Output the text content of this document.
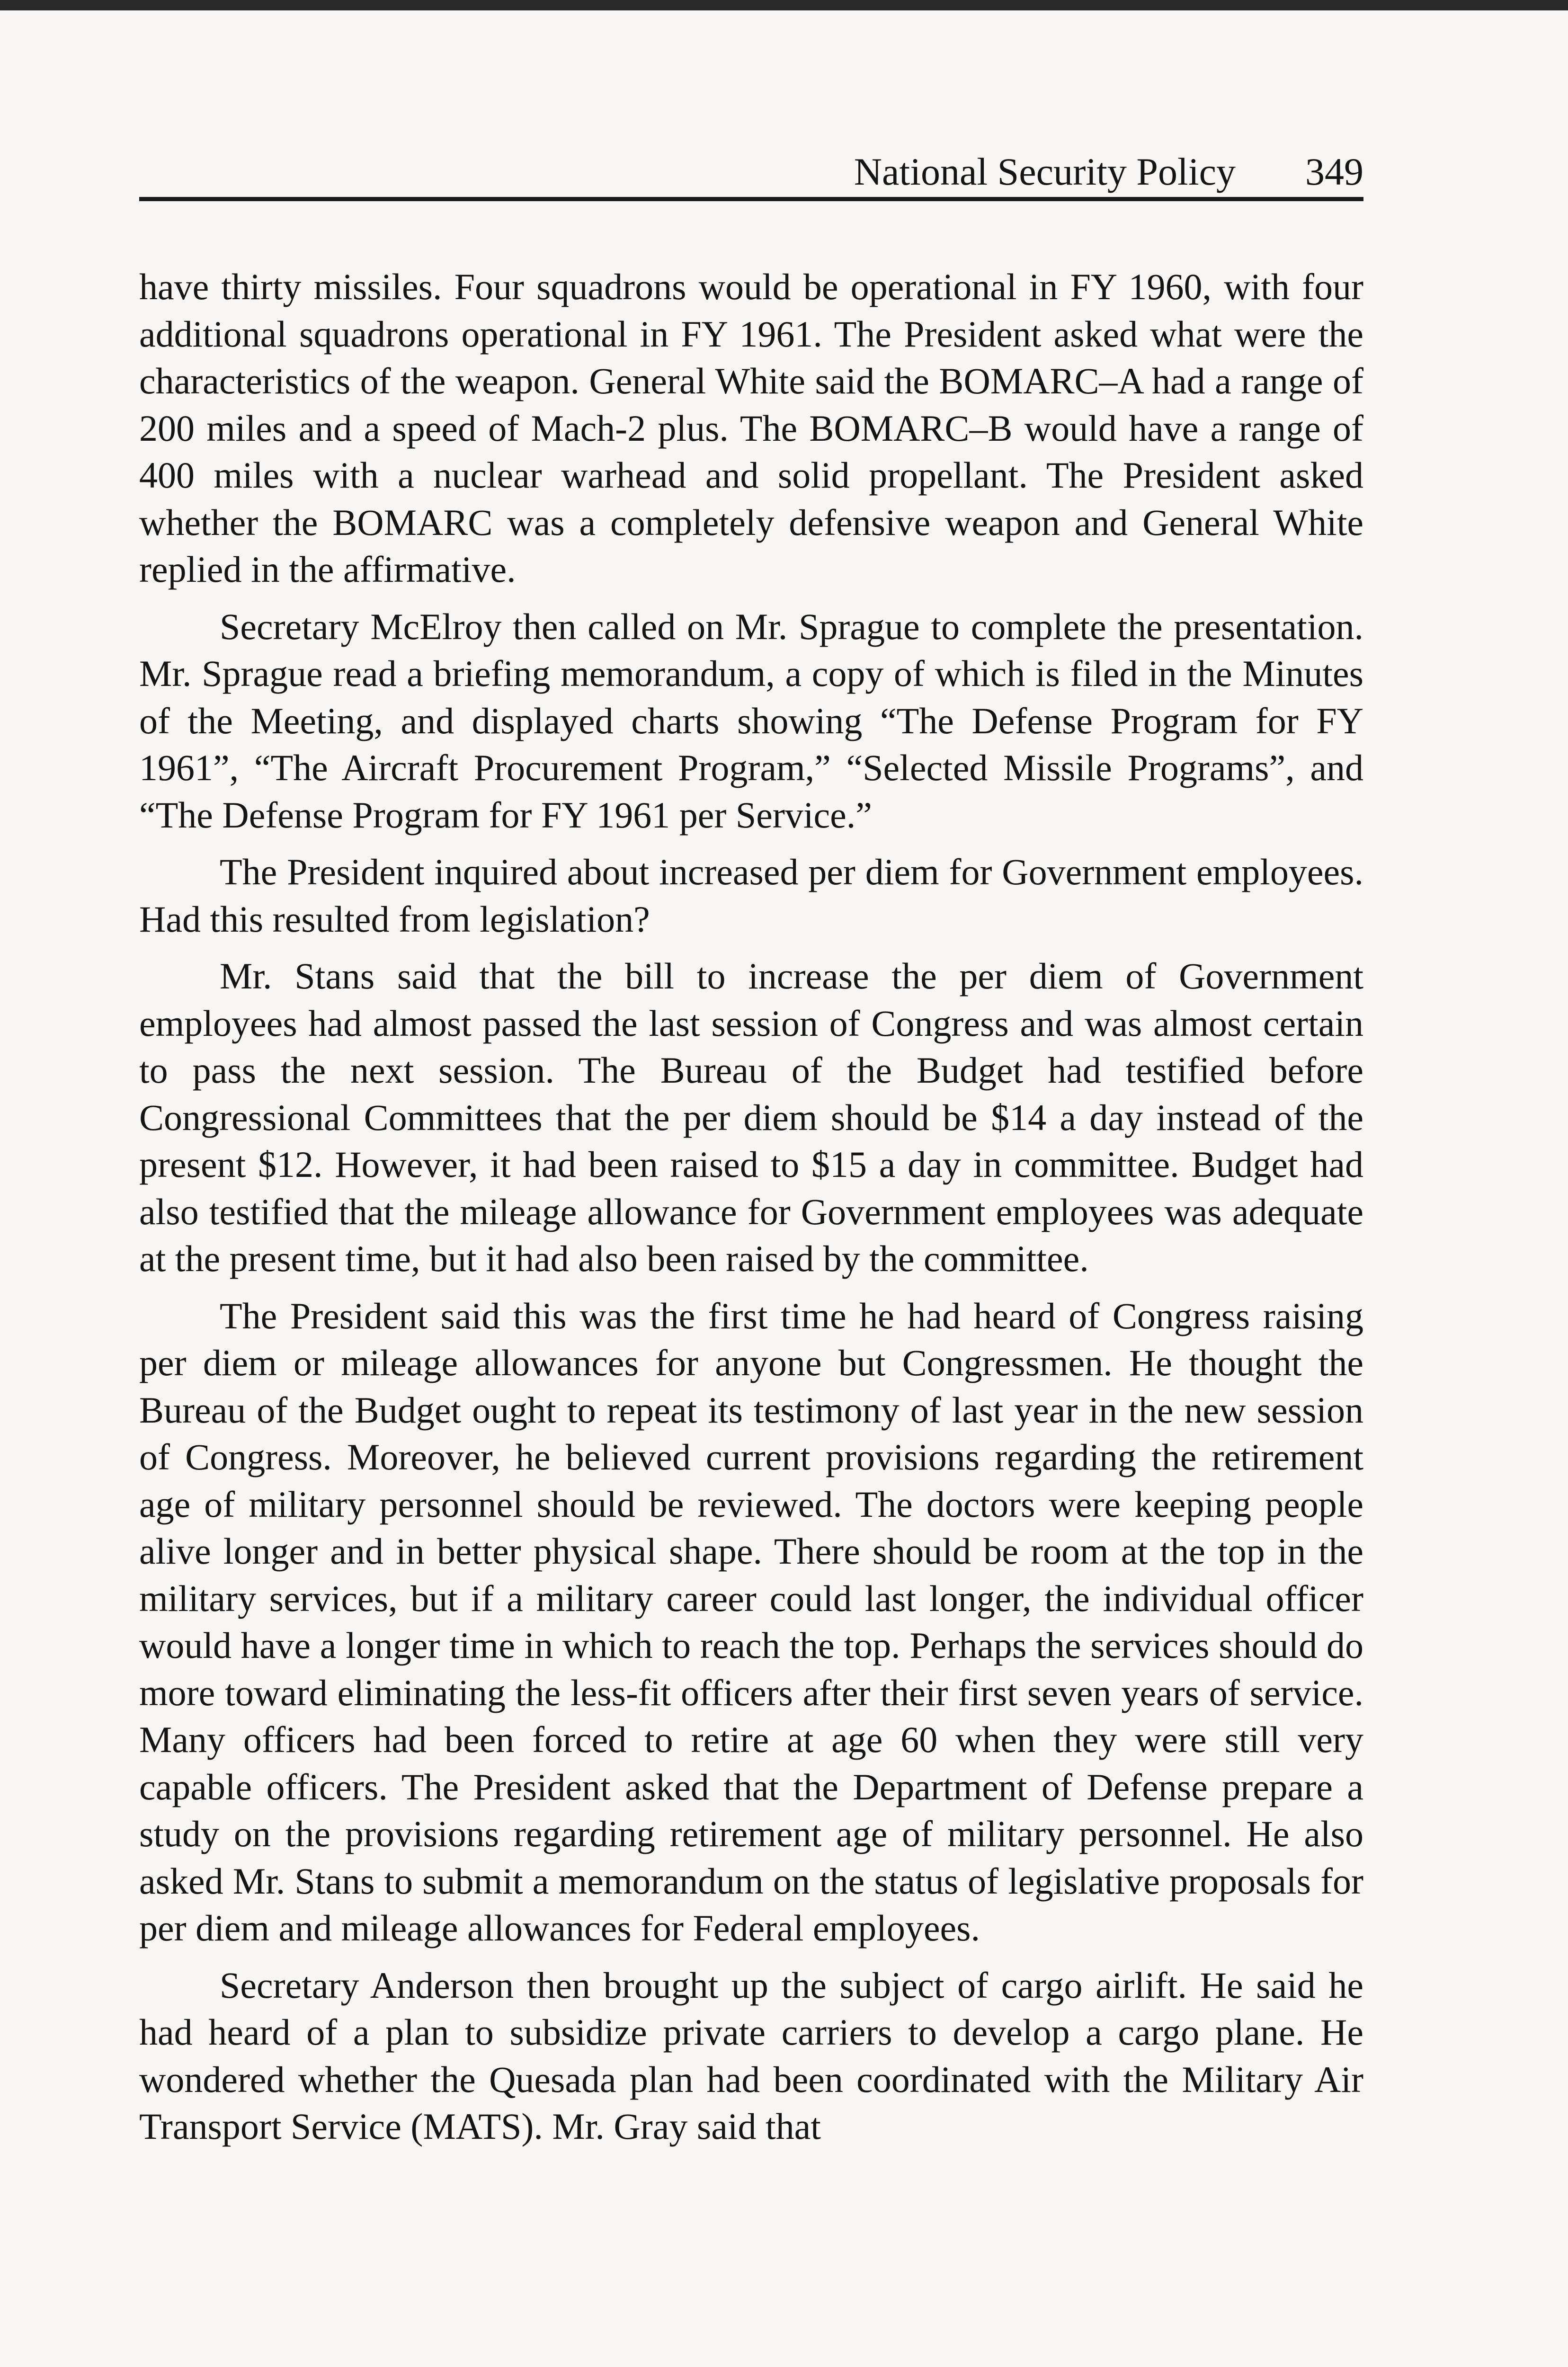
National Security Policy 349

have thirty missiles. Four squadrons would be operational in FY 1960, with four additional squadrons operational in FY 1961. The President asked what were the characteristics of the weapon. General White said the BOMARC–A had a range of 200 miles and a speed of Mach-2 plus. The BOMARC–B would have a range of 400 miles with a nuclear warhead and solid propellant. The President asked whether the BOMARC was a completely defensive weapon and General White replied in the affirmative.

Secretary McElroy then called on Mr. Sprague to complete the presentation. Mr. Sprague read a briefing memorandum, a copy of which is filed in the Minutes of the Meeting, and displayed charts showing “The Defense Program for FY 1961”, “The Aircraft Procurement Program,” “Selected Missile Programs”, and “The Defense Program for FY 1961 per Service.”

The President inquired about increased per diem for Government employees. Had this resulted from legislation?

Mr. Stans said that the bill to increase the per diem of Government employees had almost passed the last session of Congress and was almost certain to pass the next session. The Bureau of the Budget had testified before Congressional Committees that the per diem should be $14 a day instead of the present $12. However, it had been raised to $15 a day in committee. Budget had also testified that the mileage allowance for Government employees was adequate at the present time, but it had also been raised by the committee.

The President said this was the first time he had heard of Congress raising per diem or mileage allowances for anyone but Congressmen. He thought the Bureau of the Budget ought to repeat its testimony of last year in the new session of Congress. Moreover, he believed current provisions regarding the retirement age of military personnel should be reviewed. The doctors were keeping people alive longer and in better physical shape. There should be room at the top in the military services, but if a military career could last longer, the individual officer would have a longer time in which to reach the top. Perhaps the services should do more toward eliminating the less-fit officers after their first seven years of service. Many officers had been forced to retire at age 60 when they were still very capable officers. The President asked that the Department of Defense prepare a study on the provisions regarding retirement age of military personnel. He also asked Mr. Stans to submit a memorandum on the status of legislative proposals for per diem and mileage allowances for Federal employees.

Secretary Anderson then brought up the subject of cargo airlift. He said he had heard of a plan to subsidize private carriers to develop a cargo plane. He wondered whether the Quesada plan had been coordinated with the Military Air Transport Service (MATS). Mr. Gray said that
